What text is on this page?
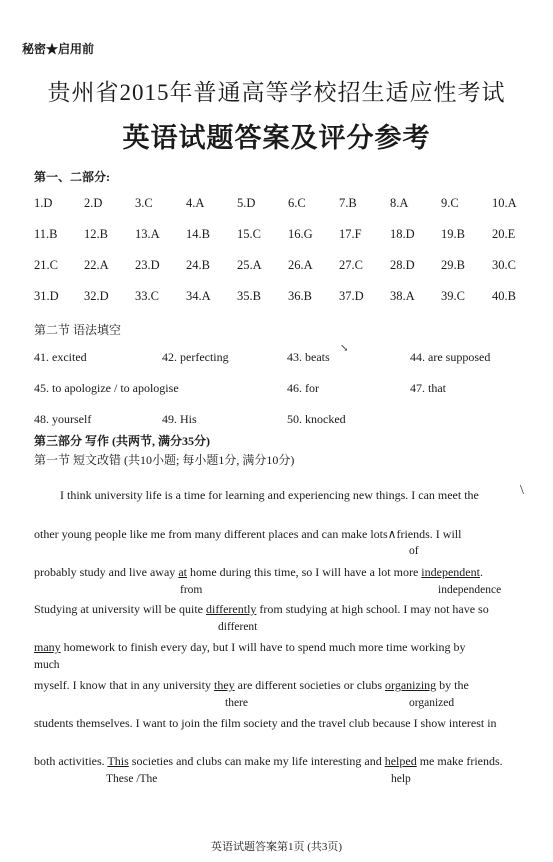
秘密★启用前
贵州省2015年普通高等学校招生适应性考试
英语试题答案及评分参考
第一、二部分:
1.D	2.D	3.C	4.A	5.D	6.C	7.B	8.A	9.C	10.A
11.B 12.B 13.A 14.B 15.C 16.G 17.F 18.D 19.B 20.E
21.C 22.A 23.D 24.B 25.A 26.A 27.C 28.D 29.B 30.C
31.D 32.D 33.C 34.A 35.B 36.B 37.D 38.A 39.C 40.B
第二节 语法填空
41. excited	42. perfecting	43. beats	44. are supposed
↘
45. to apologize / to apologise	46. for	47. that
48. yourself	49. His	50. knocked
第三部分 写作 (共两节, 满分35分)
第一节 短文改错 (共10小题; 每小题1分, 满分10分)
I think university life is a time for learning and experiencing new things. I can meet the	\
other young people like me from many different places and can make lots∧friends. I will
of
probably study and live away at home during this time, so I will have a lot more independent.
from	independence
Studying at university will be quite differently from studying at high school. I may not have so
different
many homework to finish every day, but I will have to spend much more time working by
much
myself. I know that in any university they are different societies or clubs organizing by the
there	organized
students themselves. I want to join the film society and the travel club because I show interest in
both activities. This societies and clubs can make my life interesting and helped me make friends.
These /The	help
英语试题答案第1页 (共3页)
